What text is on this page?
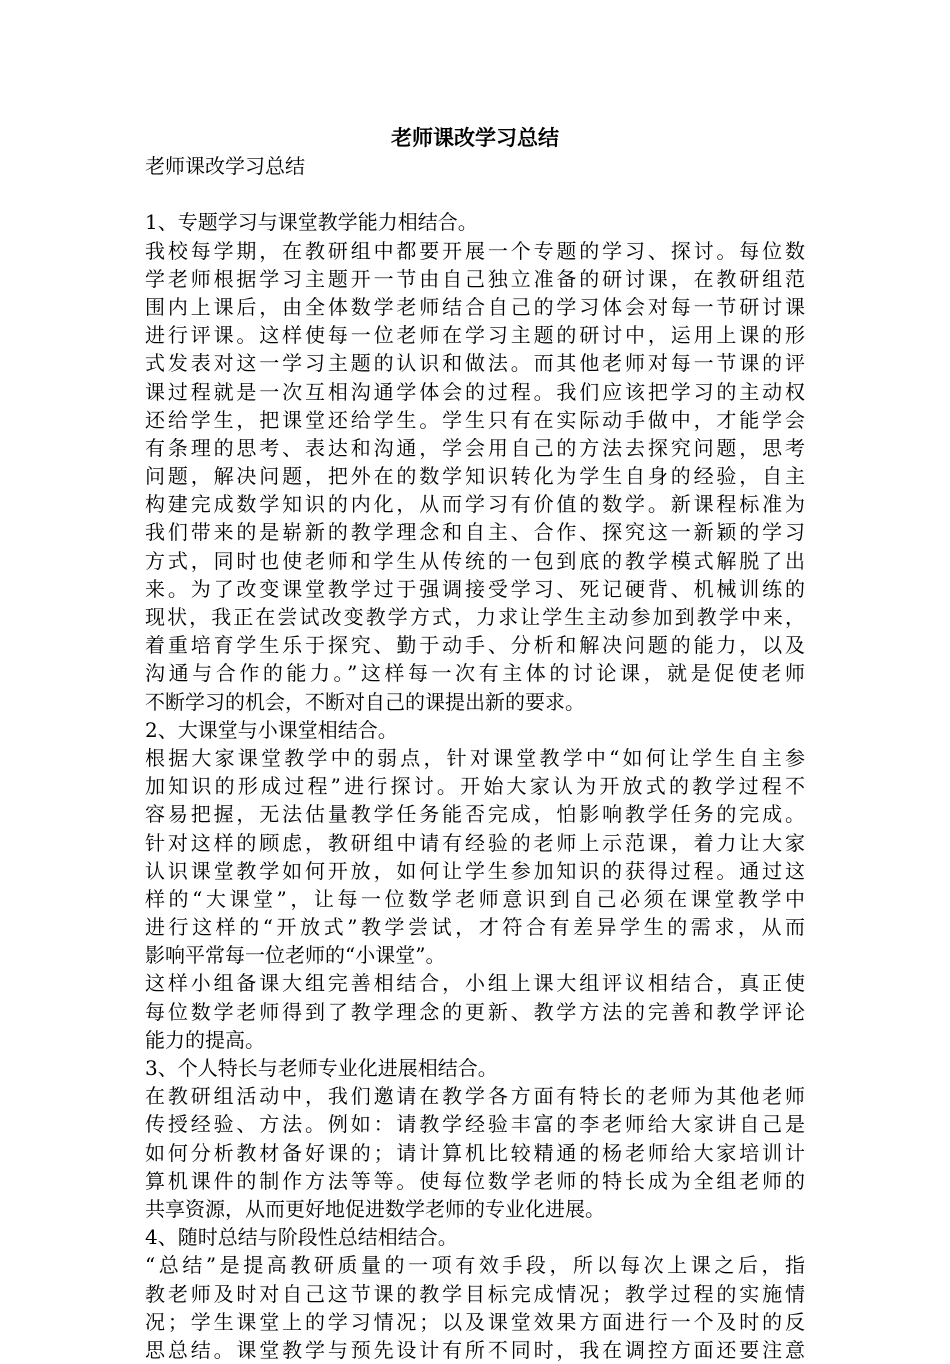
老师课改学习总结
老师课改学习总结
1、专题学习与课堂教学能力相结合。
我校每学期，在教研组中都要开展一个专题的学习、探讨。每位数
学老师根据学习主题开一节由自己独立准备的研讨课，在教研组范
围内上课后，由全体数学老师结合自己的学习体会对每一节研讨课
进行评课。这样使每一位老师在学习主题的研讨中，运用上课的形
式发表对这一学习主题的认识和做法。而其他老师对每一节课的评
课过程就是一次互相沟通学体会的过程。我们应该把学习的主动权
还给学生，把课堂还给学生。学生只有在实际动手做中，才能学会
有条理的思考、表达和沟通，学会用自己的方法去探究问题，思考
问题，解决问题，把外在的数学知识转化为学生自身的经验，自主
构建完成数学知识的内化，从而学习有价值的数学。新课程标准为
我们带来的是崭新的教学理念和自主、合作、探究这一新颖的学习
方式，同时也使老师和学生从传统的一包到底的教学模式解脱了出
来。为了改变课堂教学过于强调接受学习、死记硬背、机械训练的
现状，我正在尝试改变教学方式，力求让学生主动参加到教学中来，
着重培育学生乐于探究、勤于动手、分析和解决问题的能力，以及
沟通与合作的能力。”这样每一次有主体的讨论课，就是促使老师
不断学习的机会，不断对自己的课提出新的要求。
2、大课堂与小课堂相结合。
根据大家课堂教学中的弱点，针对课堂教学中“如何让学生自主参
加知识的形成过程”进行探讨。开始大家认为开放式的教学过程不
容易把握，无法估量教学任务能否完成，怕影响教学任务的完成。
针对这样的顾虑，教研组中请有经验的老师上示范课，着力让大家
认识课堂教学如何开放，如何让学生参加知识的获得过程。通过这
样的“大课堂”，让每一位数学老师意识到自己必须在课堂教学中
进行这样的“开放式”教学尝试，才符合有差异学生的需求，从而
影响平常每一位老师的“小课堂”。
这样小组备课大组完善相结合，小组上课大组评议相结合，真正使
每位数学老师得到了教学理念的更新、教学方法的完善和教学评论
能力的提高。
3、个人特长与老师专业化进展相结合。
在教研组活动中，我们邀请在教学各方面有特长的老师为其他老师
传授经验、方法。例如：请教学经验丰富的李老师给大家讲自己是
如何分析教材备好课的；请计算机比较精通的杨老师给大家培训计
算机课件的制作方法等等。使每位数学老师的特长成为全组老师的
共享资源，从而更好地促进数学老师的专业化进展。
4、随时总结与阶段性总结相结合。
“总结”是提高教研质量的一项有效手段，所以每次上课之后，指
教老师及时对自己这节课的教学目标完成情况；教学过程的实施情
况；学生课堂上的学习情况；以及课堂效果方面进行一个及时的反
思总结。课堂教学与预先设计有所不同时，我在调控方面还要注意
